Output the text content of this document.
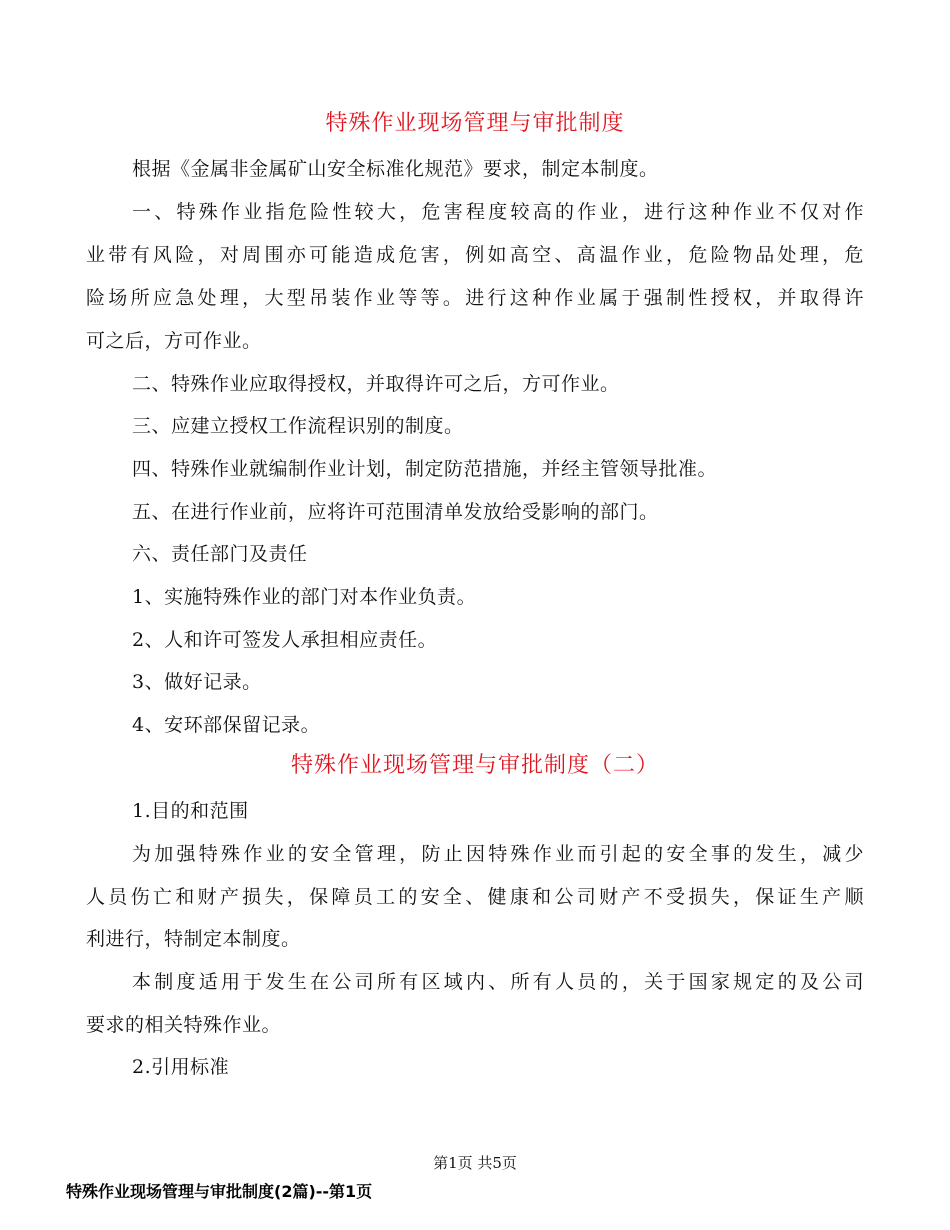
特殊作业现场管理与审批制度
根据《金属非金属矿山安全标准化规范》要求，制定本制度。
一、特殊作业指危险性较大，危害程度较高的作业，进行这种作业不仅对作
业带有风险，对周围亦可能造成危害，例如高空、高温作业，危险物品处理，危
险场所应急处理，大型吊装作业等等。进行这种作业属于强制性授权，并取得许
可之后，方可作业。
二、特殊作业应取得授权，并取得许可之后，方可作业。
三、应建立授权工作流程识别的制度。
四、特殊作业就编制作业计划，制定防范措施，并经主管领导批准。
五、在进行作业前，应将许可范围清单发放给受影响的部门。
六、责任部门及责任
1、实施特殊作业的部门对本作业负责。
2、人和许可签发人承担相应责任。
3、做好记录。
4、安环部保留记录。
特殊作业现场管理与审批制度（二）
1.目的和范围
为加强特殊作业的安全管理，防止因特殊作业而引起的安全事的发生，减少
人员伤亡和财产损失，保障员工的安全、健康和公司财产不受损失，保证生产顺
利进行，特制定本制度。
本制度适用于发生在公司所有区域内、所有人员的，关于国家规定的及公司
要求的相关特殊作业。
2.引用标准
第1页 共5页
特殊作业现场管理与审批制度(2篇)--第1页
